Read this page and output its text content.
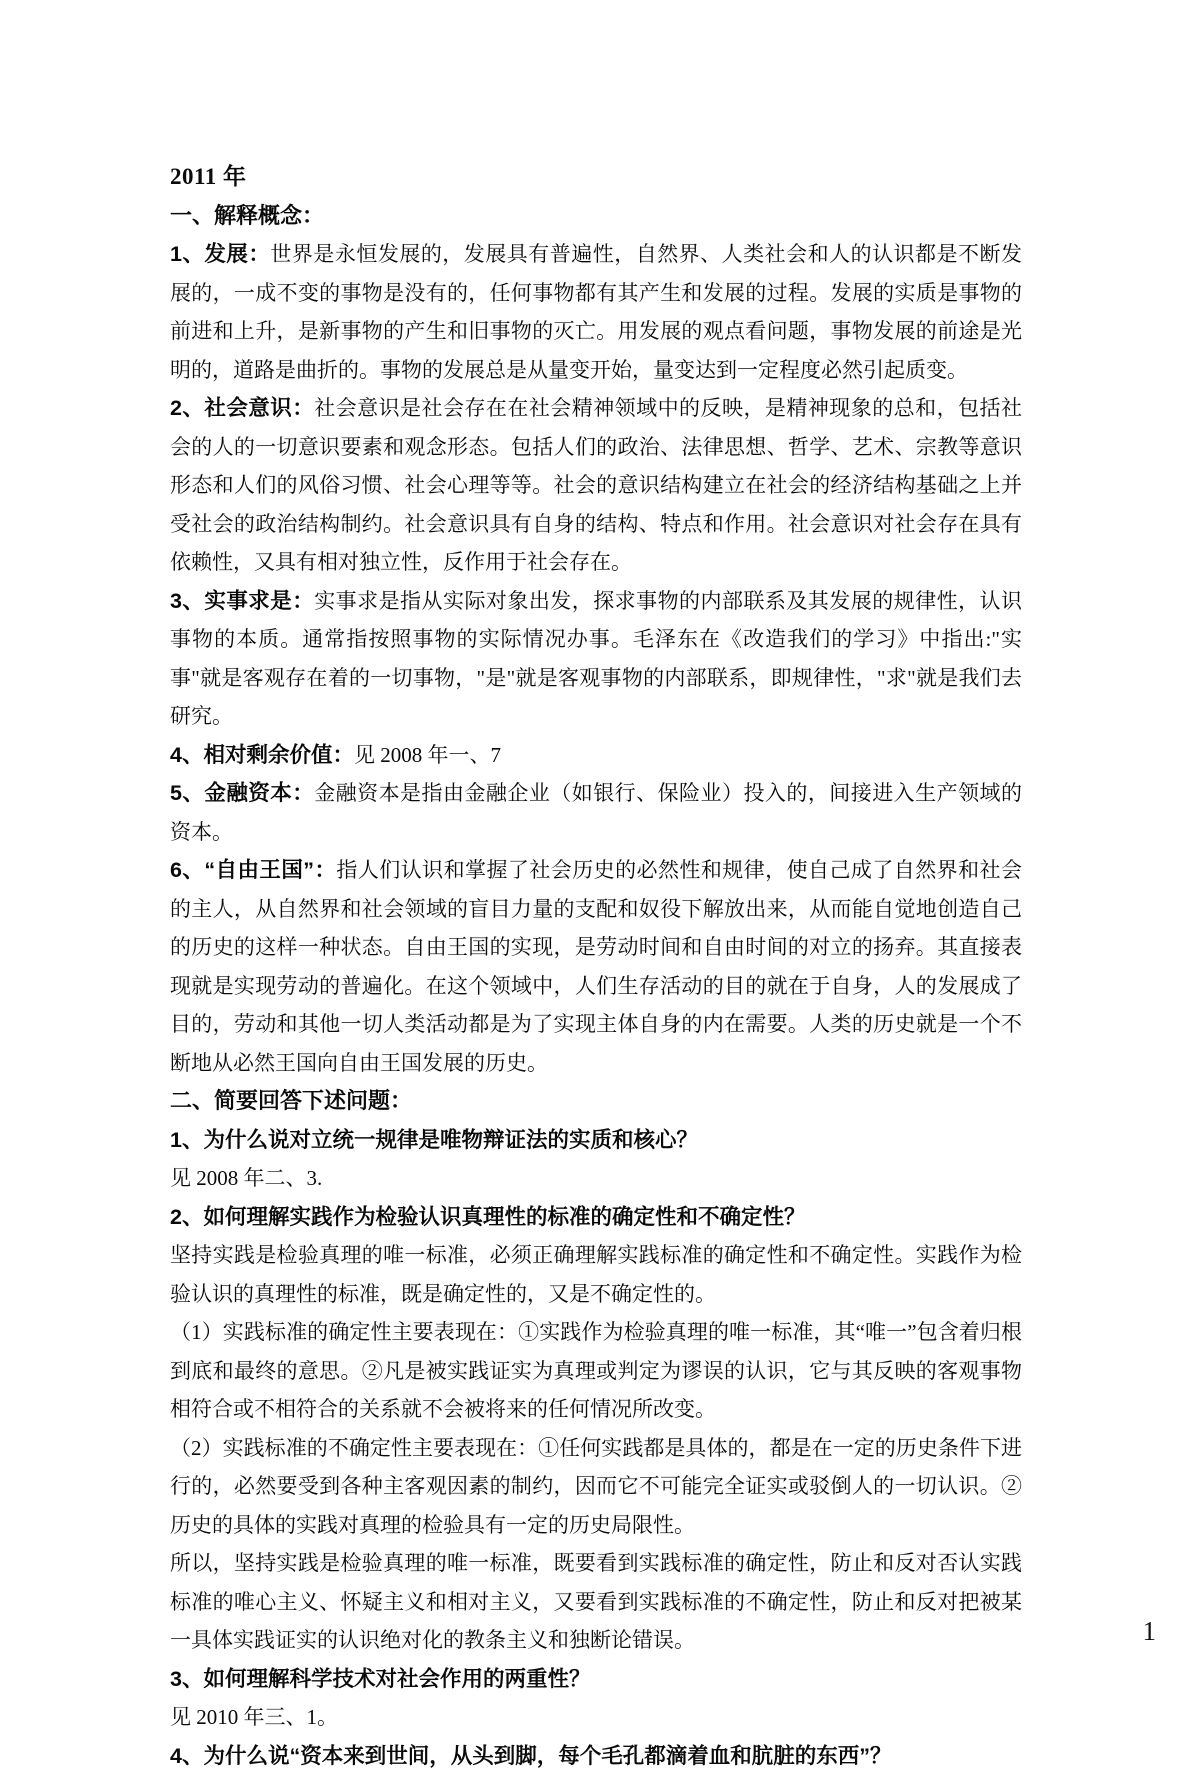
2011 年

一、解释概念：

1、发展：世界是永恒发展的，发展具有普遍性，自然界、人类社会和人的认识都是不断发展的，一成不变的事物是没有的，任何事物都有其产生和发展的过程。发展的实质是事物的前进和上升，是新事物的产生和旧事物的灭亡。用发展的观点看问题，事物发展的前途是光明的，道路是曲折的。事物的发展总是从量变开始，量变达到一定程度必然引起质变。

2、社会意识：社会意识是社会存在在社会精神领域中的反映，是精神现象的总和，包括社会的人的一切意识要素和观念形态。包括人们的政治、法律思想、哲学、艺术、宗教等意识形态和人们的风俗习惯、社会心理等等。社会的意识结构建立在社会的经济结构基础之上并受社会的政治结构制约。社会意识具有自身的结构、特点和作用。社会意识对社会存在具有依赖性，又具有相对独立性，反作用于社会存在。

3、实事求是：实事求是指从实际对象出发，探求事物的内部联系及其发展的规律性，认识事物的本质。通常指按照事物的实际情况办事。毛泽东在《改造我们的学习》中指出:"实事"就是客观存在着的一切事物，"是"就是客观事物的内部联系，即规律性，"求"就是我们去研究。

4、相对剩余价值：见 2008 年一、7

5、金融资本：金融资本是指由金融企业（如银行、保险业）投入的，间接进入生产领域的资本。

6、“自由王国”：指人们认识和掌握了社会历史的必然性和规律，使自己成了自然界和社会的主人，从自然界和社会领域的盲目力量的支配和奴役下解放出来，从而能自觉地创造自己的历史的这样一种状态。自由王国的实现，是劳动时间和自由时间的对立的扬弃。其直接表现就是实现劳动的普遍化。在这个领域中，人们生存活动的目的就在于自身，人的发展成了目的，劳动和其他一切人类活动都是为了实现主体自身的内在需要。人类的历史就是一个不断地从必然王国向自由王国发展的历史。

二、简要回答下述问题：

1、为什么说对立统一规律是唯物辩证法的实质和核心？

见 2008 年二、3.

2、如何理解实践作为检验认识真理性的标准的确定性和不确定性？

坚持实践是检验真理的唯一标准，必须正确理解实践标准的确定性和不确定性。实践作为检验认识的真理性的标准，既是确定性的，又是不确定性的。

（1）实践标准的确定性主要表现在：①实践作为检验真理的唯一标准，其“唯一”包含着归根到底和最终的意思。②凡是被实践证实为真理或判定为谬误的认识，它与其反映的客观事物相符合或不相符合的关系就不会被将来的任何情况所改变。

（2）实践标准的不确定性主要表现在：①任何实践都是具体的，都是在一定的历史条件下进行的，必然要受到各种主客观因素的制约，因而它不可能完全证实或驳倒人的一切认识。②历史的具体的实践对真理的检验具有一定的历史局限性。

所以，坚持实践是检验真理的唯一标准，既要看到实践标准的确定性，防止和反对否认实践标准的唯心主义、怀疑主义和相对主义，又要看到实践标准的不确定性，防止和反对把被某一具体实践证实的认识绝对化的教条主义和独断论错误。

3、如何理解科学技术对社会作用的两重性？

见 2010 年三、1。

4、为什么说“资本来到世间，从头到脚，每个毛孔都滴着血和肮脏的东西”？

1
